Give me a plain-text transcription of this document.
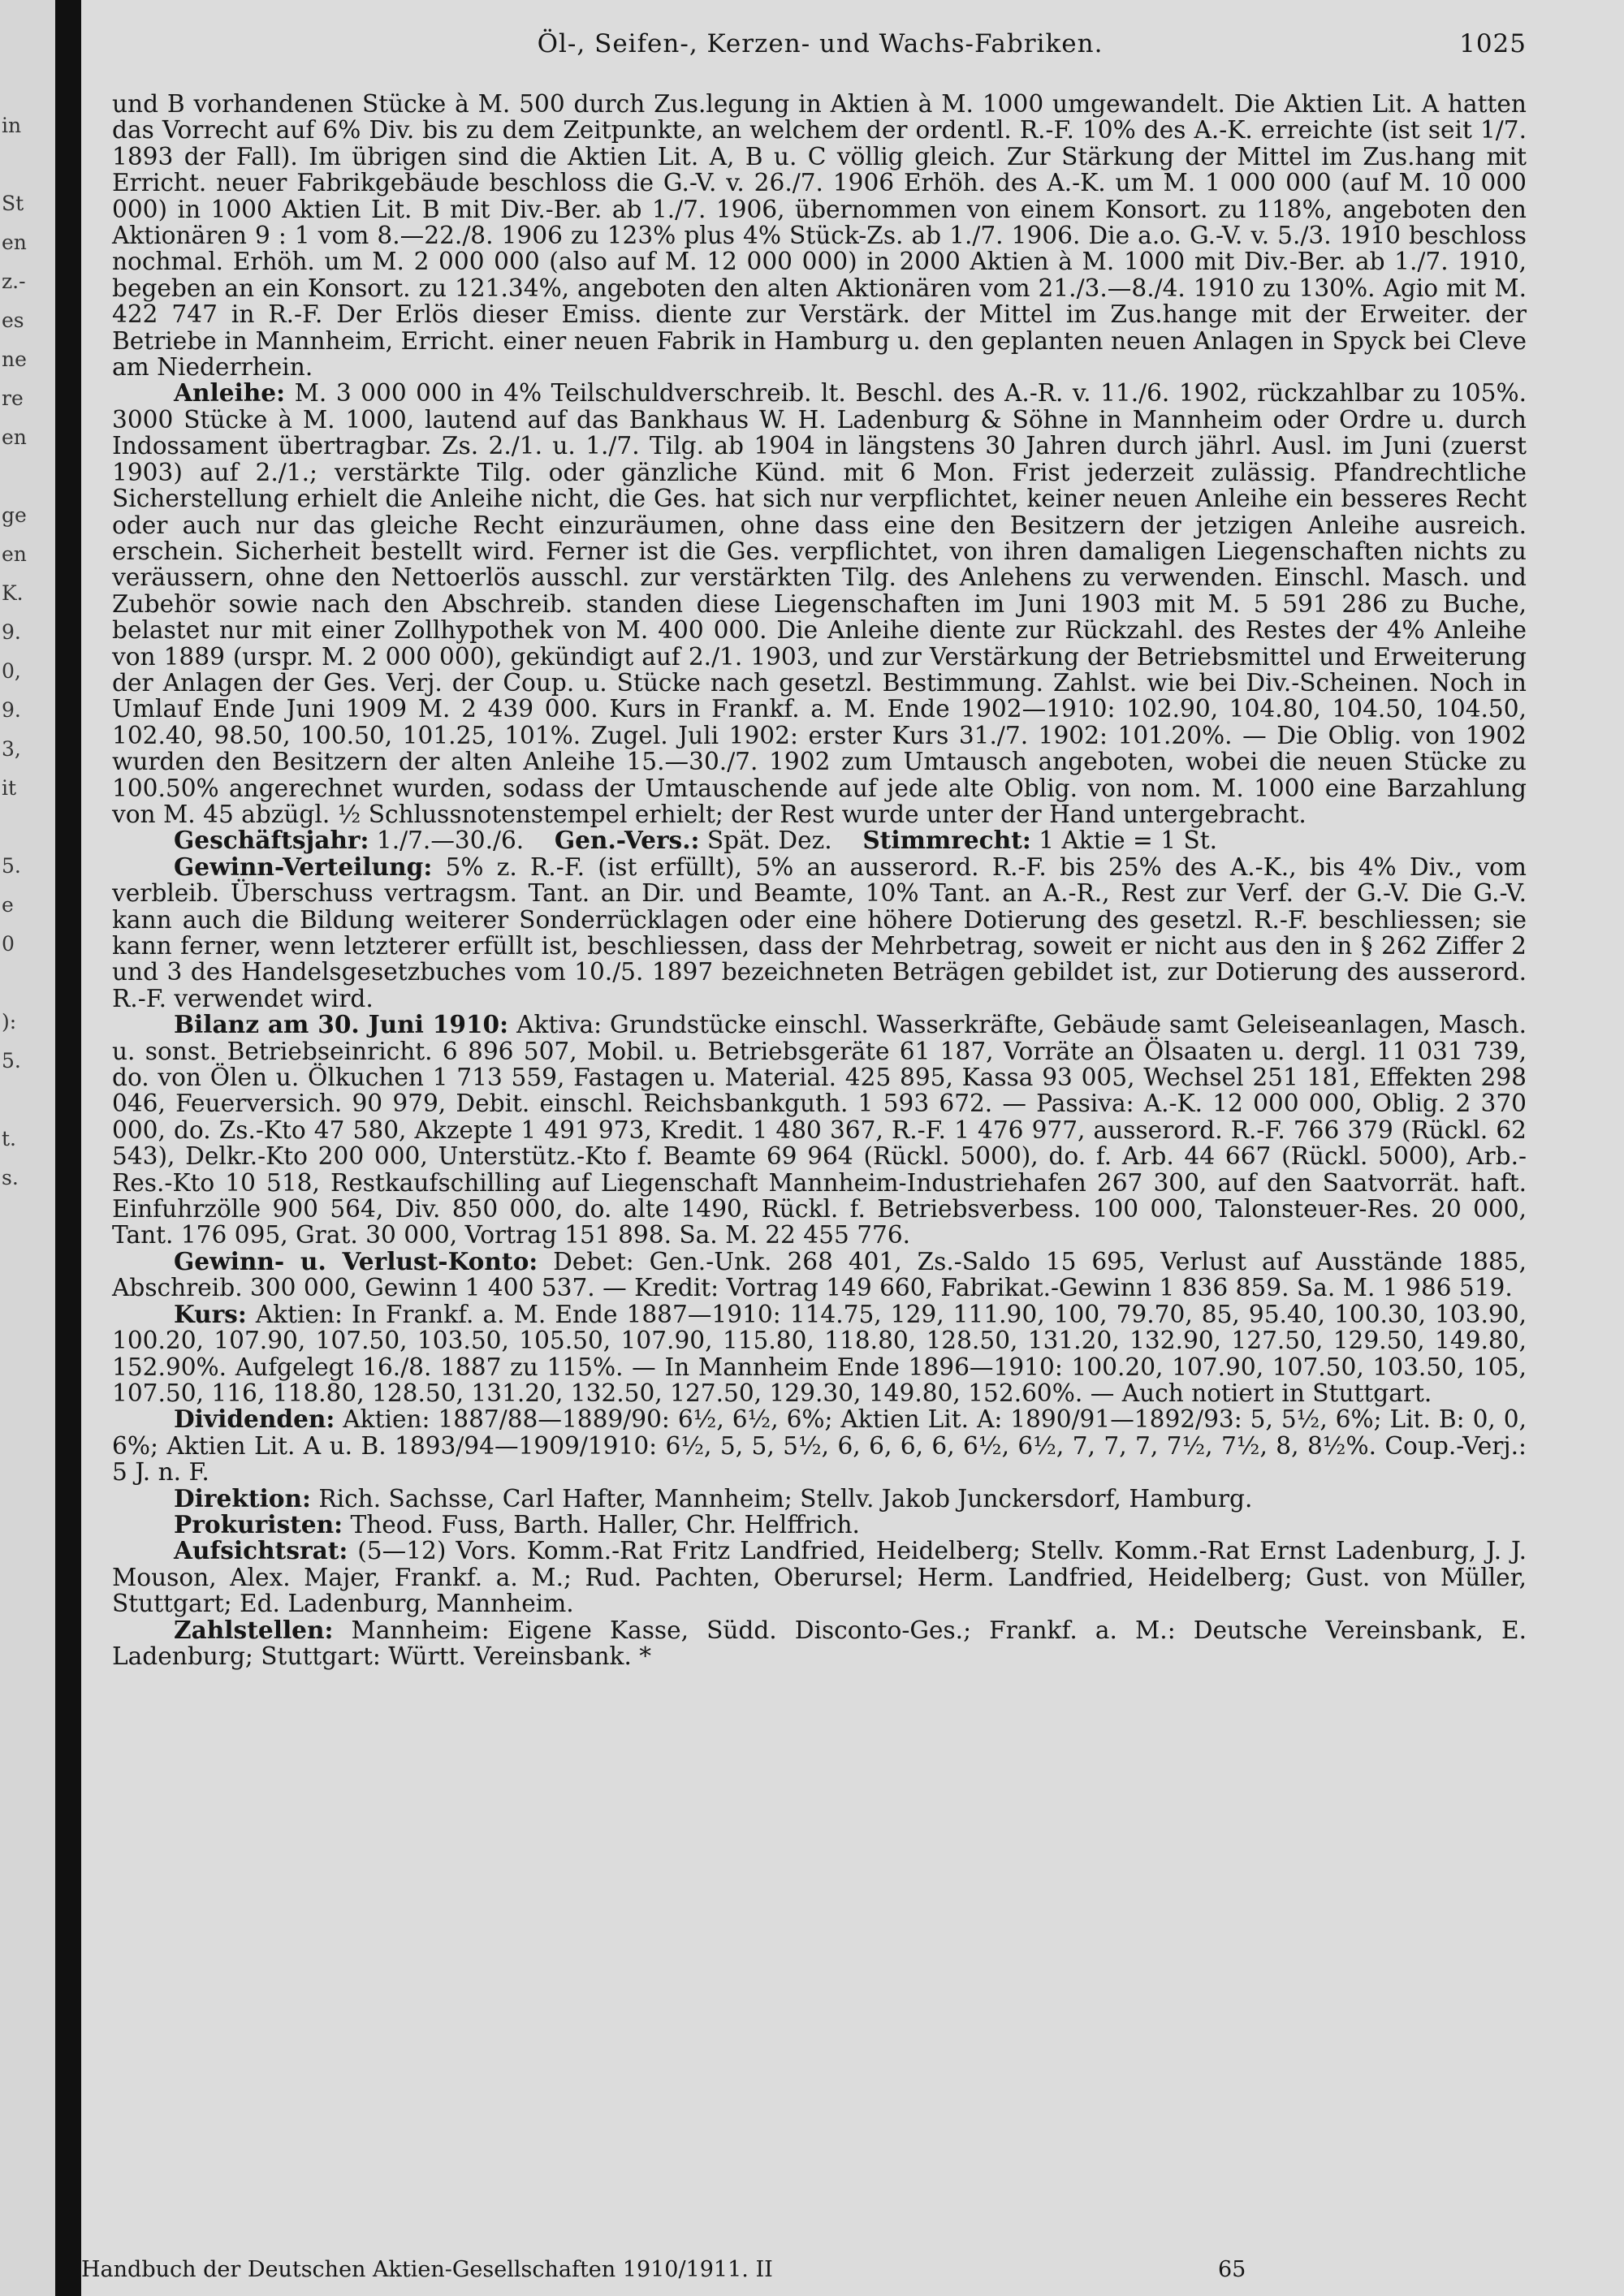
in
St
en
z.-
es
ne
re
en
ge
en
K.
9.
0,
9.
3,
it
5.
e
0
):
5.
t.
s.
Öl-, Seifen-, Kerzen- und Wachs-Fabriken.	1025

und B vorhandenen Stücke à M. 500 durch Zus.legung in Aktien à M. 1000 umgewandelt. Die Aktien Lit. A hatten das Vorrecht auf 6% Div. bis zu dem Zeitpunkte, an welchem der ordentl. R.-F. 10% des A.-K. erreichte (ist seit 1/7. 1893 der Fall). Im übrigen sind die Aktien Lit. A, B u. C völlig gleich. Zur Stärkung der Mittel im Zus.hang mit Erricht. neuer Fabrikgebäude beschloss die G.-V. v. 26./7. 1906 Erhöh. des A.-K. um M. 1 000 000 (auf M. 10 000 000) in 1000 Aktien Lit. B mit Div.-Ber. ab 1./7. 1906, übernommen von einem Konsort. zu 118%, angeboten den Aktionären 9 : 1 vom 8.—22./8. 1906 zu 123% plus 4% Stück-Zs. ab 1./7. 1906. Die a.o. G.-V. v. 5./3. 1910 beschloss nochmal. Erhöh. um M. 2 000 000 (also auf M. 12 000 000) in 2000 Aktien à M. 1000 mit Div.-Ber. ab 1./7. 1910, begeben an ein Konsort. zu 121.34%, angeboten den alten Aktionären vom 21./3.—8./4. 1910 zu 130%. Agio mit M. 422 747 in R.-F. Der Erlös dieser Emiss. diente zur Verstärk. der Mittel im Zus.hange mit der Erweiter. der Betriebe in Mannheim, Erricht. einer neuen Fabrik in Hamburg u. den geplanten neuen Anlagen in Spyck bei Cleve am Niederrhein.

Anleihe: M. 3 000 000 in 4% Teilschuldverschreib. lt. Beschl. des A.-R. v. 11./6. 1902, rückzahlbar zu 105%. 3000 Stücke à M. 1000, lautend auf das Bankhaus W. H. Ladenburg & Söhne in Mannheim oder Ordre u. durch Indossament übertragbar. Zs. 2./1. u. 1./7. Tilg. ab 1904 in längstens 30 Jahren durch jährl. Ausl. im Juni (zuerst 1903) auf 2./1.; verstärkte Tilg. oder gänzliche Künd. mit 6 Mon. Frist jederzeit zulässig. Pfandrechtliche Sicherstellung erhielt die Anleihe nicht, die Ges. hat sich nur verpflichtet, keiner neuen Anleihe ein besseres Recht oder auch nur das gleiche Recht einzuräumen, ohne dass eine den Besitzern der jetzigen Anleihe ausreich. erschein. Sicherheit bestellt wird. Ferner ist die Ges. verpflichtet, von ihren damaligen Liegenschaften nichts zu veräussern, ohne den Nettoerlös ausschl. zur verstärkten Tilg. des Anlehens zu verwenden. Einschl. Masch. und Zubehör sowie nach den Abschreib. standen diese Liegenschaften im Juni 1903 mit M. 5 591 286 zu Buche, belastet nur mit einer Zollhypothek von M. 400 000. Die Anleihe diente zur Rückzahl. des Restes der 4% Anleihe von 1889 (urspr. M. 2 000 000), gekündigt auf 2./1. 1903, und zur Verstärkung der Betriebsmittel und Erweiterung der Anlagen der Ges. Verj. der Coup. u. Stücke nach gesetzl. Bestimmung. Zahlst. wie bei Div.-Scheinen. Noch in Umlauf Ende Juni 1909 M. 2 439 000. Kurs in Frankf. a. M. Ende 1902—1910: 102.90, 104.80, 104.50, 104.50, 102.40, 98.50, 100.50, 101.25, 101%. Zugel. Juli 1902: erster Kurs 31./7. 1902: 101.20%. — Die Oblig. von 1902 wurden den Besitzern der alten Anleihe 15.—30./7. 1902 zum Umtausch angeboten, wobei die neuen Stücke zu 100.50% angerechnet wurden, sodass der Umtauschende auf jede alte Oblig. von nom. M. 1000 eine Barzahlung von M. 45 abzügl. ½ Schlussnotenstempel erhielt; der Rest wurde unter der Hand untergebracht.

Geschäftsjahr: 1./7.—30./6. Gen.-Vers.: Spät. Dez. Stimmrecht: 1 Aktie = 1 St.

Gewinn-Verteilung: 5% z. R.-F. (ist erfüllt), 5% an ausserord. R.-F. bis 25% des A.-K., bis 4% Div., vom verbleib. Überschuss vertragsm. Tant. an Dir. und Beamte, 10% Tant. an A.-R., Rest zur Verf. der G.-V. Die G.-V. kann auch die Bildung weiterer Sonderrücklagen oder eine höhere Dotierung des gesetzl. R.-F. beschliessen; sie kann ferner, wenn letzterer erfüllt ist, beschliessen, dass der Mehrbetrag, soweit er nicht aus den in § 262 Ziffer 2 und 3 des Handelsgesetzbuches vom 10./5. 1897 bezeichneten Beträgen gebildet ist, zur Dotierung des ausserord. R.-F. verwendet wird.

Bilanz am 30. Juni 1910: Aktiva: Grundstücke einschl. Wasserkräfte, Gebäude samt Geleiseanlagen, Masch. u. sonst. Betriebseinricht. 6 896 507, Mobil. u. Betriebsgeräte 61 187, Vorräte an Ölsaaten u. dergl. 11 031 739, do. von Ölen u. Ölkuchen 1 713 559, Fastagen u. Material. 425 895, Kassa 93 005, Wechsel 251 181, Effekten 298 046, Feuerversich. 90 979, Debit. einschl. Reichsbankguth. 1 593 672. — Passiva: A.-K. 12 000 000, Oblig. 2 370 000, do. Zs.-Kto 47 580, Akzepte 1 491 973, Kredit. 1 480 367, R.-F. 1 476 977, ausserord. R.-F. 766 379 (Rückl. 62 543), Delkr.-Kto 200 000, Unterstütz.-Kto f. Beamte 69 964 (Rückl. 5000), do. f. Arb. 44 667 (Rückl. 5000), Arb.-Res.-Kto 10 518, Restkaufschilling auf Liegenschaft Mannheim-Industriehafen 267 300, auf den Saatvorrät. haft. Einfuhrzölle 900 564, Div. 850 000, do. alte 1490, Rückl. f. Betriebsverbess. 100 000, Talonsteuer-Res. 20 000, Tant. 176 095, Grat. 30 000, Vortrag 151 898. Sa. M. 22 455 776.

Gewinn- u. Verlust-Konto: Debet: Gen.-Unk. 268 401, Zs.-Saldo 15 695, Verlust auf Ausstände 1885, Abschreib. 300 000, Gewinn 1 400 537. — Kredit: Vortrag 149 660, Fabrikat.-Gewinn 1 836 859. Sa. M. 1 986 519.

Kurs: Aktien: In Frankf. a. M. Ende 1887—1910: 114.75, 129, 111.90, 100, 79.70, 85, 95.40, 100.30, 103.90, 100.20, 107.90, 107.50, 103.50, 105.50, 107.90, 115.80, 118.80, 128.50, 131.20, 132.90, 127.50, 129.50, 149.80, 152.90%. Aufgelegt 16./8. 1887 zu 115%. — In Mannheim Ende 1896—1910: 100.20, 107.90, 107.50, 103.50, 105, 107.50, 116, 118.80, 128.50, 131.20, 132.50, 127.50, 129.30, 149.80, 152.60%. — Auch notiert in Stuttgart.

Dividenden: Aktien: 1887/88—1889/90: 6½, 6½, 6%; Aktien Lit. A: 1890/91—1892/93: 5, 5½, 6%; Lit. B: 0, 0, 6%; Aktien Lit. A u. B. 1893/94—1909/1910: 6½, 5, 5, 5½, 6, 6, 6, 6, 6½, 6½, 7, 7, 7, 7½, 7½, 8, 8½%. Coup.-Verj.: 5 J. n. F.

Direktion: Rich. Sachsse, Carl Hafter, Mannheim; Stellv. Jakob Junckersdorf, Hamburg.

Prokuristen: Theod. Fuss, Barth. Haller, Chr. Helffrich.

Aufsichtsrat: (5—12) Vors. Komm.-Rat Fritz Landfried, Heidelberg; Stellv. Komm.-Rat Ernst Ladenburg, J. J. Mouson, Alex. Majer, Frankf. a. M.; Rud. Pachten, Oberursel; Herm. Landfried, Heidelberg; Gust. von Müller, Stuttgart; Ed. Ladenburg, Mannheim.

Zahlstellen: Mannheim: Eigene Kasse, Südd. Disconto-Ges.; Frankf. a. M.: Deutsche Vereinsbank, E. Ladenburg; Stuttgart: Württ. Vereinsbank. *

Handbuch der Deutschen Aktien-Gesellschaften 1910/1911. II	65
